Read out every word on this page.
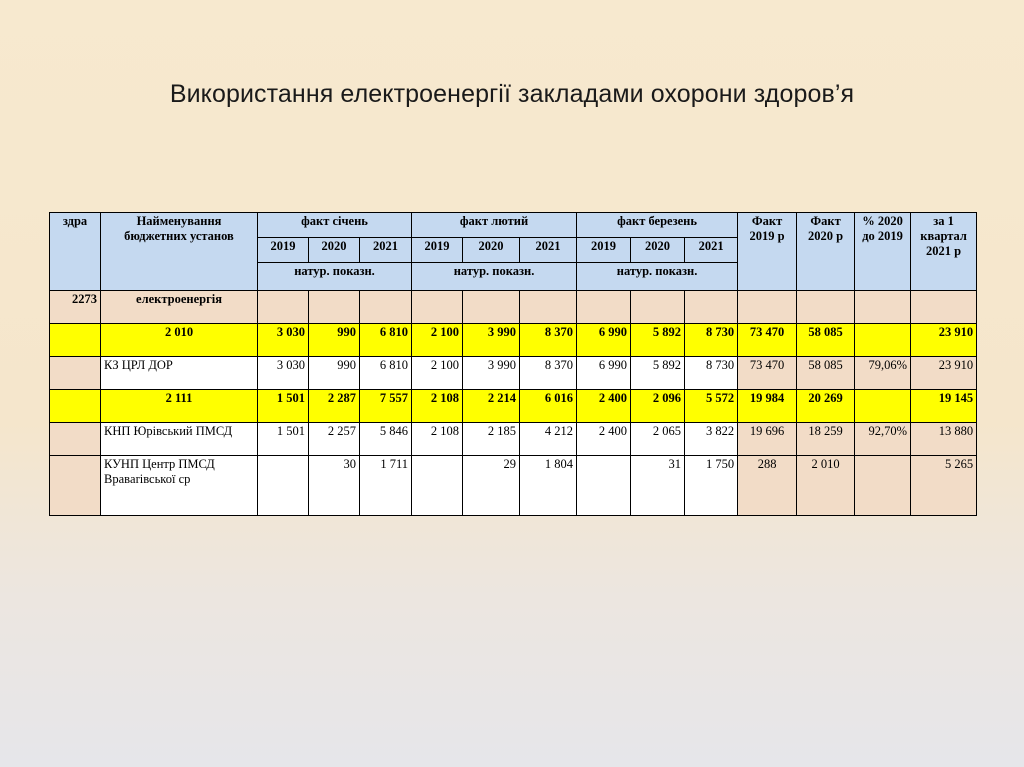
Використання електроенергії закладами охорони здоров’я
здра	Найменування бюджетних установ	факт січень			факт лютий			факт березень			Факт 2019 р	Факт 2020 р	% 2020 до 2019	за 1 квартал 2021 р
		2019	2020	2021	2019	2020	2021	2019	2020	2021				
		натур. показн.			натур. показн.			натур. показн.						
2273	електроенергія													
	2 010	3 030	990	6 810	2 100	3 990	8 370	6 990	5 892	8 730	73 470	58 085		23 910
	КЗ ЦРЛ ДОР	3 030	990	6 810	2 100	3 990	8 370	6 990	5 892	8 730	73 470	58 085	79,06%	23 910
	2 111	1 501	2 287	7 557	2 108	2 214	6 016	2 400	2 096	5 572	19 984	20 269		19 145
	КНП Юрівський ПМСД	1 501	2 257	5 846	2 108	2 185	4 212	2 400	2 065	3 822	19 696	18 259	92,70%	13 880
	КУНП Центр ПМСД Вравarівської ср		30	1 711		29	1 804		31	1 750	288	2 010		5 265
